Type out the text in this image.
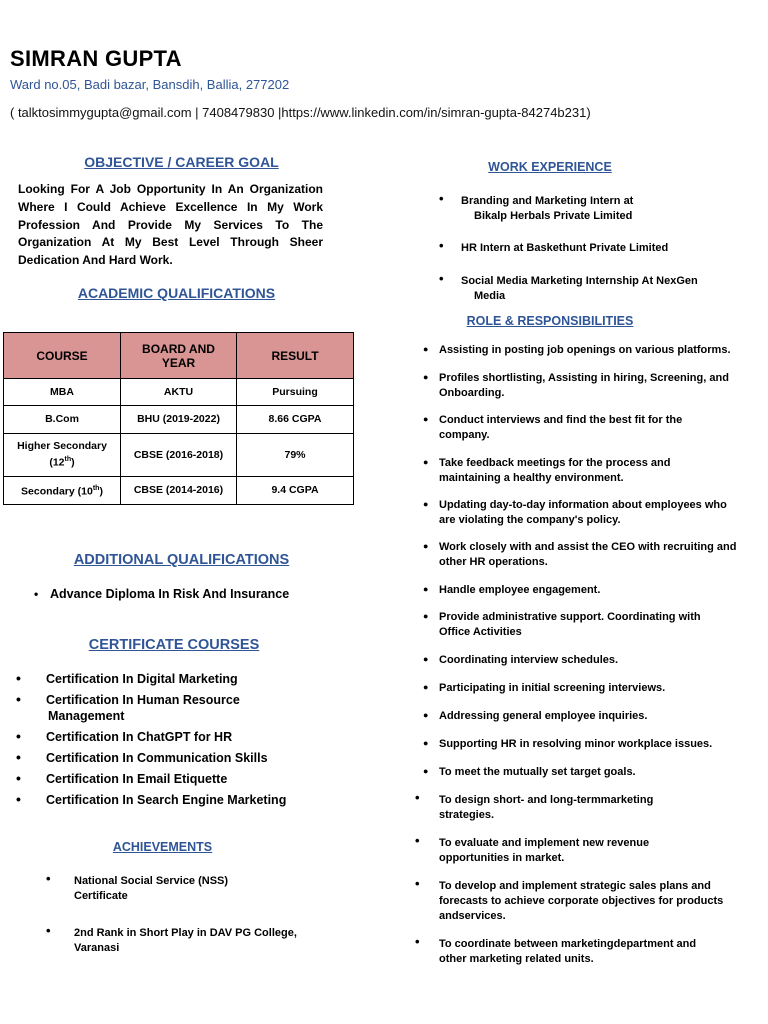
SIMRAN GUPTA
Ward no.05, Badi bazar, Bansdih, Ballia, 277202
( talktosimmygupta@gmail.com | 7408479830 |https://www.linkedin.com/in/simran-gupta-84274b231)
OBJECTIVE / CAREER GOAL
Looking For A Job Opportunity In An Organization Where I Could Achieve Excellence In My Work Profession And Provide My Services To The Organization At My Best Level Through Sheer Dedication And Hard Work.
ACADEMIC QUALIFICATIONS
COURSE	BOARD AND YEAR	RESULT
MBA	AKTU	Pursuing
B.Com	BHU (2019-2022)	8.66 CGPA
Higher Secondary (12th)	CBSE (2016-2018)	79%
Secondary (10th)	CBSE (2014-2016)	9.4 CGPA
ADDITIONAL QUALIFICATIONS
• Advance Diploma In Risk And Insurance
CERTIFICATE COURSES
• Certification In Digital Marketing
• Certification In Human Resource
Management
• Certification In ChatGPT for HR
• Certification In Communication Skills
• Certification In Email Etiquette
• Certification In Search Engine Marketing
ACHIEVEMENTS
• National Social Service (NSS)
Certificate
• 2nd Rank in Short Play in DAV PG College,
Varanasi
WORK EXPERIENCE
• Branding and Marketing Intern at
Bikalp Herbals Private Limited
• HR Intern at Baskethunt Private Limited
• Social Media Marketing Internship At NexGen
Media
ROLE & RESPONSIBILITIES
● Assisting in posting job openings on various platforms.
● Profiles shortlisting, Assisting in hiring, Screening, and Onboarding.
● Conduct interviews and find the best fit for the company.
● Take feedback meetings for the process and maintaining a healthy environment.
● Updating day-to-day information about employees who are violating the company's policy.
● Work closely with and assist the CEO with recruiting and other HR operations.
● Handle employee engagement.
● Provide administrative support. Coordinating with Office Activities
● Coordinating interview schedules.
● Participating in initial screening interviews.
● Addressing general employee inquiries.
● Supporting HR in resolving minor workplace issues.
● To meet the mutually set target goals.
• To design short- and long-termmarketing strategies.
• To evaluate and implement new revenue opportunities in market.
• To develop and implement strategic sales plans and forecasts to achieve corporate objectives for products andservices.
• To coordinate between marketingdepartment and other marketing related units.
